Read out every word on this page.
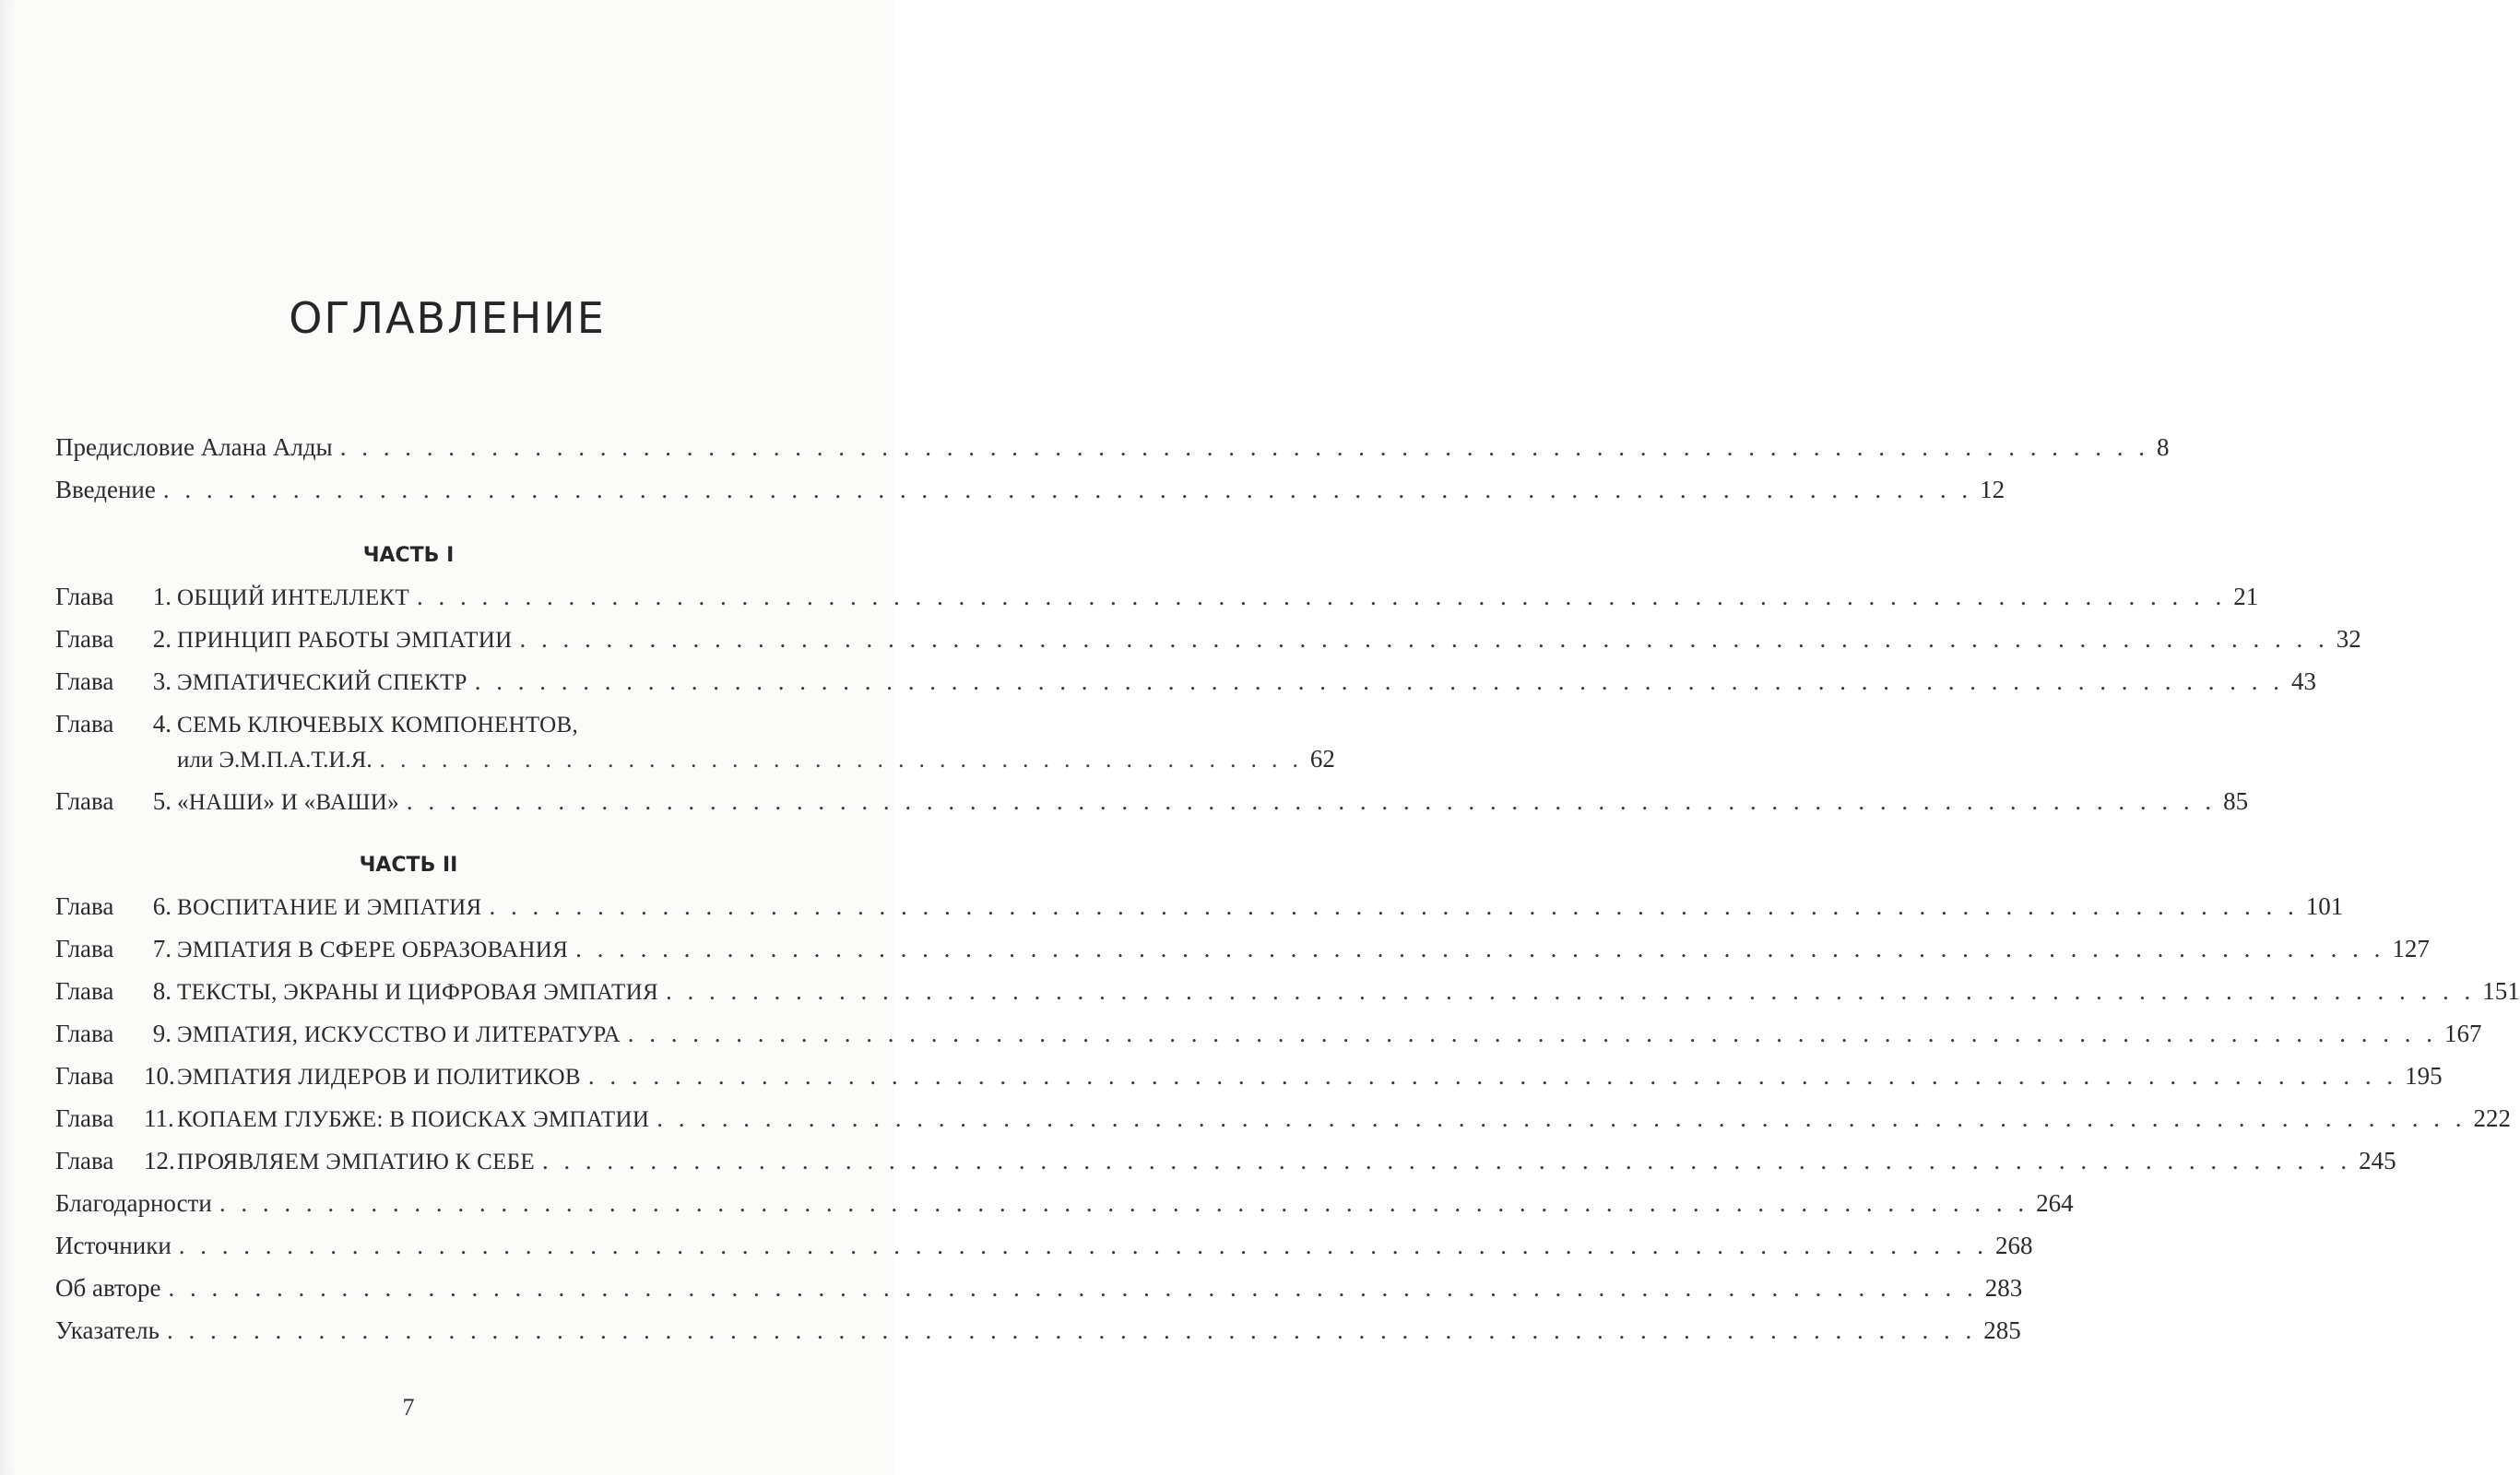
ОГЛАВЛЕНИЕ
Предисловие Алана Алды . . .	8
Введение . . .	12
ЧАСТЬ I
Глава	1. ОБЩИЙ ИНТЕЛЛЕКТ . . .	21
Глава	2. ПРИНЦИП РАБОТЫ ЭМПАТИИ . . .	32
Глава	3. ЭМПАТИЧЕСКИЙ СПЕКТР . . .	43
Глава	4. СЕМЬ КЛЮЧЕВЫХ КОМПОНЕНТОВ,
или Э.М.П.А.Т.И.Я. . . . . . . . . . . . . . . . . . . . . . . . . . . . . . . . . . . . . . . . . . . . . . 62
Глава	5. «НАШИ» И «ВАШИ» . . .	85
ЧАСТЬ II
Глава	6. ВОСПИТАНИЕ И ЭМПАТИЯ . . .	101
Глава	7. ЭМПАТИЯ В СФЕРЕ ОБРАЗОВАНИЯ . . .	127
Глава	8. ТЕКСТЫ, ЭКРАНЫ И ЦИФРОВАЯ ЭМПАТИЯ . . .	151
Глава	9. ЭМПАТИЯ, ИСКУССТВО И ЛИТЕРАТУРА . . .	167
Глава	10. ЭМПАТИЯ ЛИДЕРОВ И ПОЛИТИКОВ . . .	195
Глава	11. КОПАЕМ ГЛУБЖЕ: В ПОИСКАХ ЭМПАТИИ . . .	222
Глава	12. ПРОЯВЛЯЕМ ЭМПАТИЮ К СЕБЕ . . .	245
Благодарности . . .	264
Источники . . .	268
Об авторе . . .	283
Указатель . . .	285
7
